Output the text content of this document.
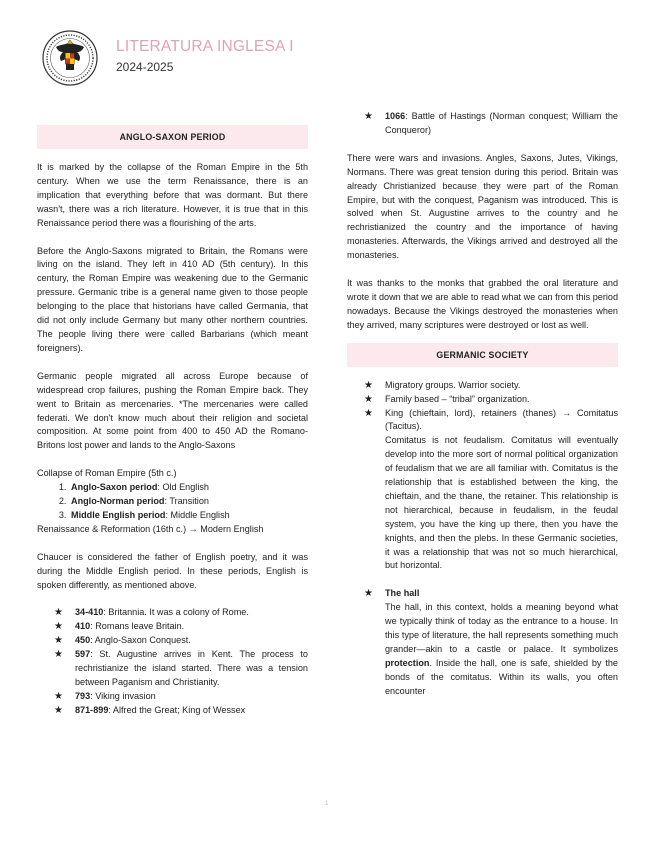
LITERATURA INGLESA I
2024-2025
ANGLO-SAXON PERIOD

It is marked by the collapse of the Roman Empire in the 5th century. When we use the term Renaissance, there is an implication that everything before that was dormant. But there wasn't, there was a rich literature. However, it is true that in this Renaissance period there was a flourishing of the arts.

Before the Anglo-Saxons migrated to Britain, the Romans were living on the island. They left in 410 AD (5th century). In this century, the Roman Empire was weakening due to the Germanic pressure. Germanic tribe is a general name given to those people belonging to the place that historians have called Germania, that did not only include Germany but many other northern countries. The people living there were called Barbarians (which meant foreigners).

Germanic people migrated all across Europe because of widespread crop failures, pushing the Roman Empire back. They went to Britain as mercenaries. *The mercenaries were called federati. We don't know much about their religion and societal composition. At some point from 400 to 450 AD the Romano-Britons lost power and lands to the Anglo-Saxons

Collapse of Roman Empire (5th c.)
1. Anglo-Saxon period: Old English
2. Anglo-Norman period: Transition
3. Middle English period: Middle English
Renaissance & Reformation (16th c.) → Modern English

Chaucer is considered the father of English poetry, and it was during the Middle English period. In these periods, English is spoken differently, as mentioned above.

★ 34-410: Britannia. It was a colony of Rome.

★ 410: Romans leave Britain.

★ 450: Anglo-Saxon Conquest.

★ 597: St. Augustine arrives in Kent. The process to rechristianize the island started. There was a tension between Paganism and Christianity.

★ 793: Viking invasion

★ 871-899: Alfred the Great; King of Wessex

★ 1066: Battle of Hastings (Norman conquest; William the Conqueror)

There were wars and invasions. Angles, Saxons, Jutes, Vikings, Normans. There was great tension during this period. Britain was already Christianized because they were part of the Roman Empire, but with the conquest, Paganism was introduced. This is solved when St. Augustine arrives to the country and he rechristianized the country and the importance of having monasteries. Afterwards, the Vikings arrived and destroyed all the monasteries.

It was thanks to the monks that grabbed the oral literature and wrote it down that we are able to read what we can from this period nowadays. Because the Vikings destroyed the monasteries when they arrived, many scriptures were destroyed or lost as well.

GERMANIC SOCIETY

★ Migratory groups. Warrior society.

★ Family based – “tribal” organization.

★ King (chieftain, lord), retainers (thanes) → Comitatus (Tacitus).

Comitatus is not feudalism. Comitatus will eventually develop into the more sort of normal political organization of feudalism that we are all familiar with. Comitatus is the relationship that is established between the king, the chieftain, and the thane, the retainer. This relationship is not hierarchical, because in feudalism, in the feudal system, you have the king up there, then you have the knights, and then the plebs. In these Germanic societies, it was a relationship that was not so much hierarchical, but horizontal.

★ The hall

The hall, in this context, holds a meaning beyond what we typically think of today as the entrance to a house. In this type of literature, the hall represents something much grander—akin to a castle or palace. It symbolizes protection. Inside the hall, one is safe, shielded by the bonds of the comitatus. Within its walls, you often encounter

1
